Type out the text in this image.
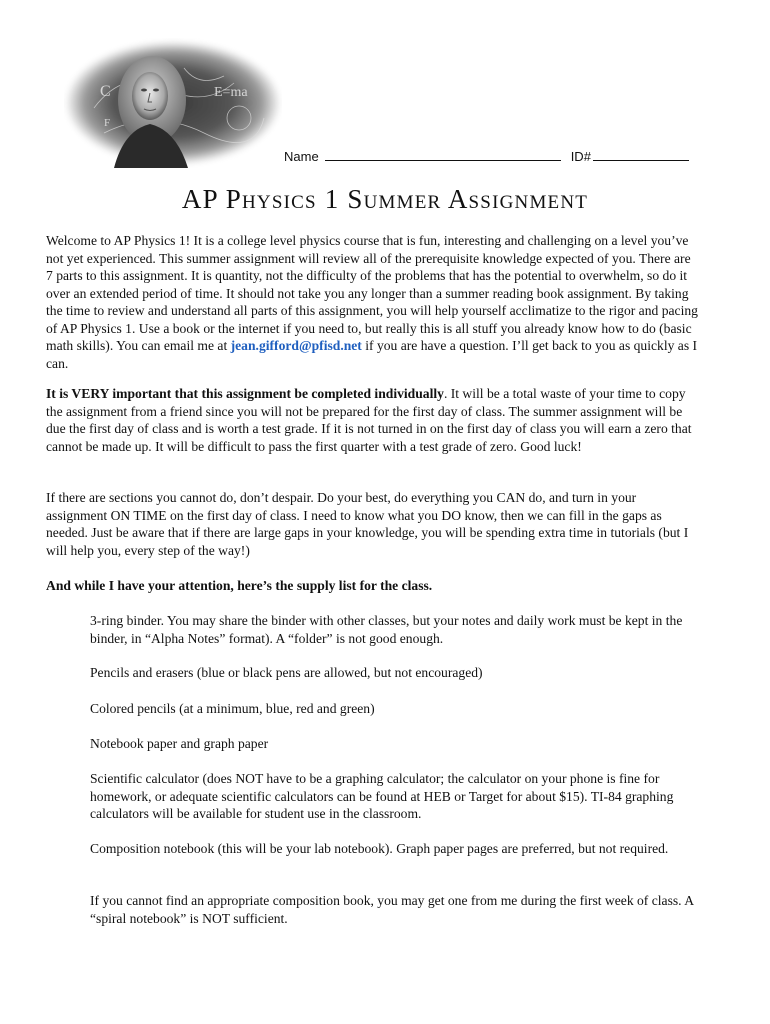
C	E=ma
F
Name	ID#
AP Physics 1 Summer Assignment

Welcome to AP Physics 1! It is a college level physics course that is fun, interesting and challenging on a level you’ve not yet experienced. This summer assignment will review all of the prerequisite knowledge expected of you. There are 7 parts to this assignment. It is quantity, not the difficulty of the problems that has the potential to overwhelm, so do it over an extended period of time. It should not take you any longer than a summer reading book assignment. By taking the time to review and understand all parts of this assignment, you will help yourself acclimatize to the rigor and pacing of AP Physics 1. Use a book or the internet if you need to, but really this is all stuff you already know how to do (basic math skills). You can email me at jean.gifford@pfisd.net if you are have a question. I’ll get back to you as quickly as I can.

It is VERY important that this assignment be completed individually. It will be a total waste of your time to copy the assignment from a friend since you will not be prepared for the first day of class. The summer assignment will be due the first day of class and is worth a test grade. If it is not turned in on the first day of class you will earn a zero that cannot be made up. It will be difficult to pass the first quarter with a test grade of zero. Good luck!

If there are sections you cannot do, don’t despair. Do your best, do everything you CAN do, and turn in your assignment ON TIME on the first day of class. I need to know what you DO know, then we can fill in the gaps as needed. Just be aware that if there are large gaps in your knowledge, you will be spending extra time in tutorials (but I will help you, every step of the way!)

And while I have your attention, here’s the supply list for the class.

3-ring binder. You may share the binder with other classes, but your notes and daily work must be kept in the binder, in “Alpha Notes” format). A “folder” is not good enough.

Pencils and erasers (blue or black pens are allowed, but not encouraged)

Colored pencils (at a minimum, blue, red and green)

Notebook paper and graph paper

Scientific calculator (does NOT have to be a graphing calculator; the calculator on your phone is fine for homework, or adequate scientific calculators can be found at HEB or Target for about $15). TI-84 graphing calculators will be available for student use in the classroom.

Composition notebook (this will be your lab notebook). Graph paper pages are preferred, but not required.

If you cannot find an appropriate composition book, you may get one from me during the first week of class. A “spiral notebook” is NOT sufficient.
